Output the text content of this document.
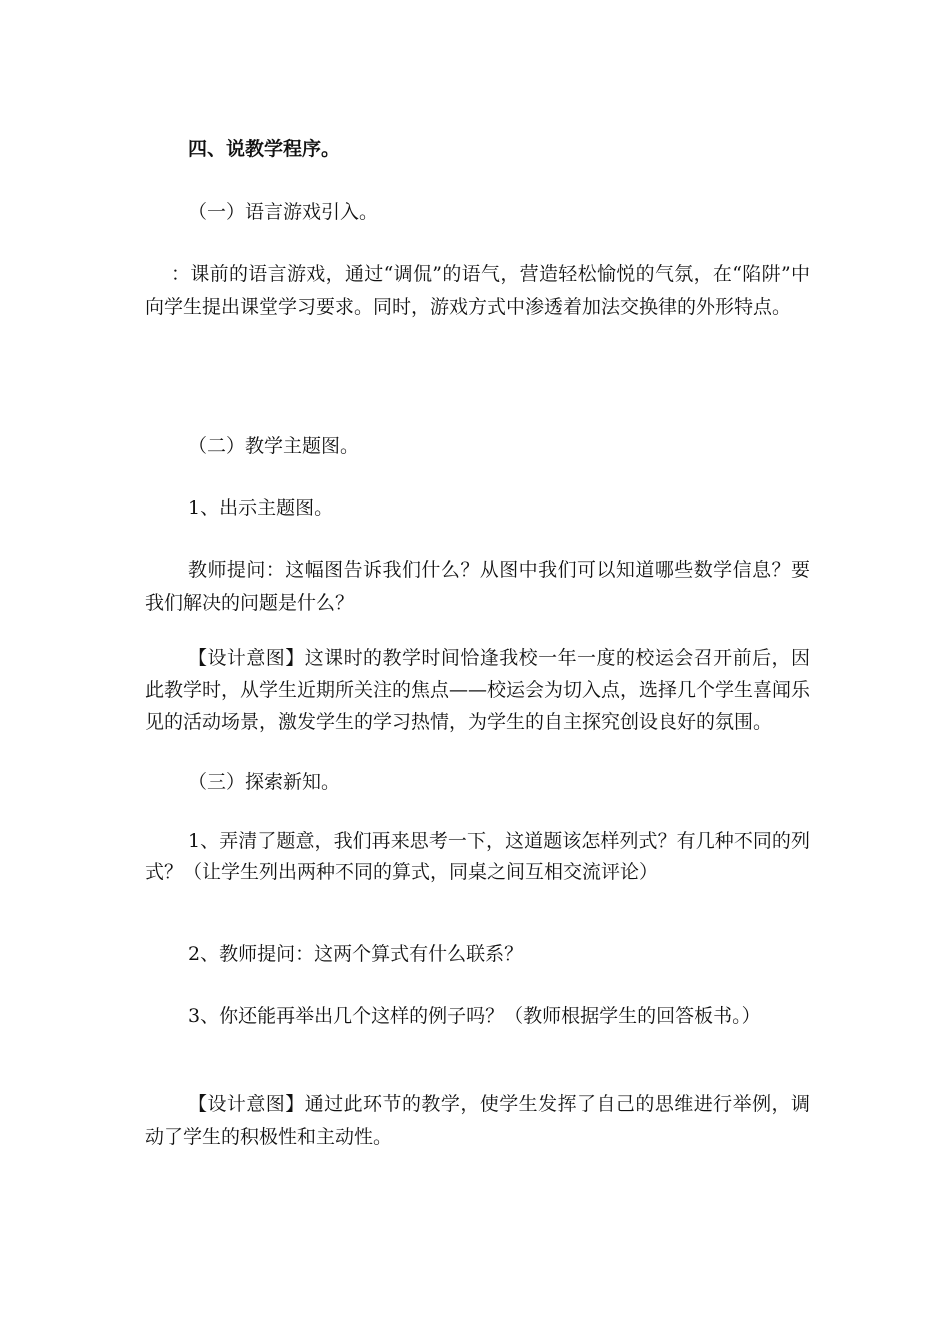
四、说教学程序。

（一）语言游戏引入。

：课前的语言游戏，通过“调侃”的语气，营造轻松愉悦的气氛，在“陷阱”中向学生提出课堂学习要求。同时，游戏方式中渗透着加法交换律的外形特点。

（二）教学主题图。

1、出示主题图。

教师提问：这幅图告诉我们什么？从图中我们可以知道哪些数学信息？要我们解决的问题是什么？

【设计意图】这课时的教学时间恰逢我校一年一度的校运会召开前后，因此教学时，从学生近期所关注的焦点——校运会为切入点，选择几个学生喜闻乐见的活动场景，激发学生的学习热情，为学生的自主探究创设良好的氛围。

（三）探索新知。

1、弄清了题意，我们再来思考一下，这道题该怎样列式？有几种不同的列式？（让学生列出两种不同的算式，同桌之间互相交流评论）

2、教师提问：这两个算式有什么联系？

3、你还能再举出几个这样的例子吗？（教师根据学生的回答板书。）

【设计意图】通过此环节的教学，使学生发挥了自己的思维进行举例，调动了学生的积极性和主动性。
